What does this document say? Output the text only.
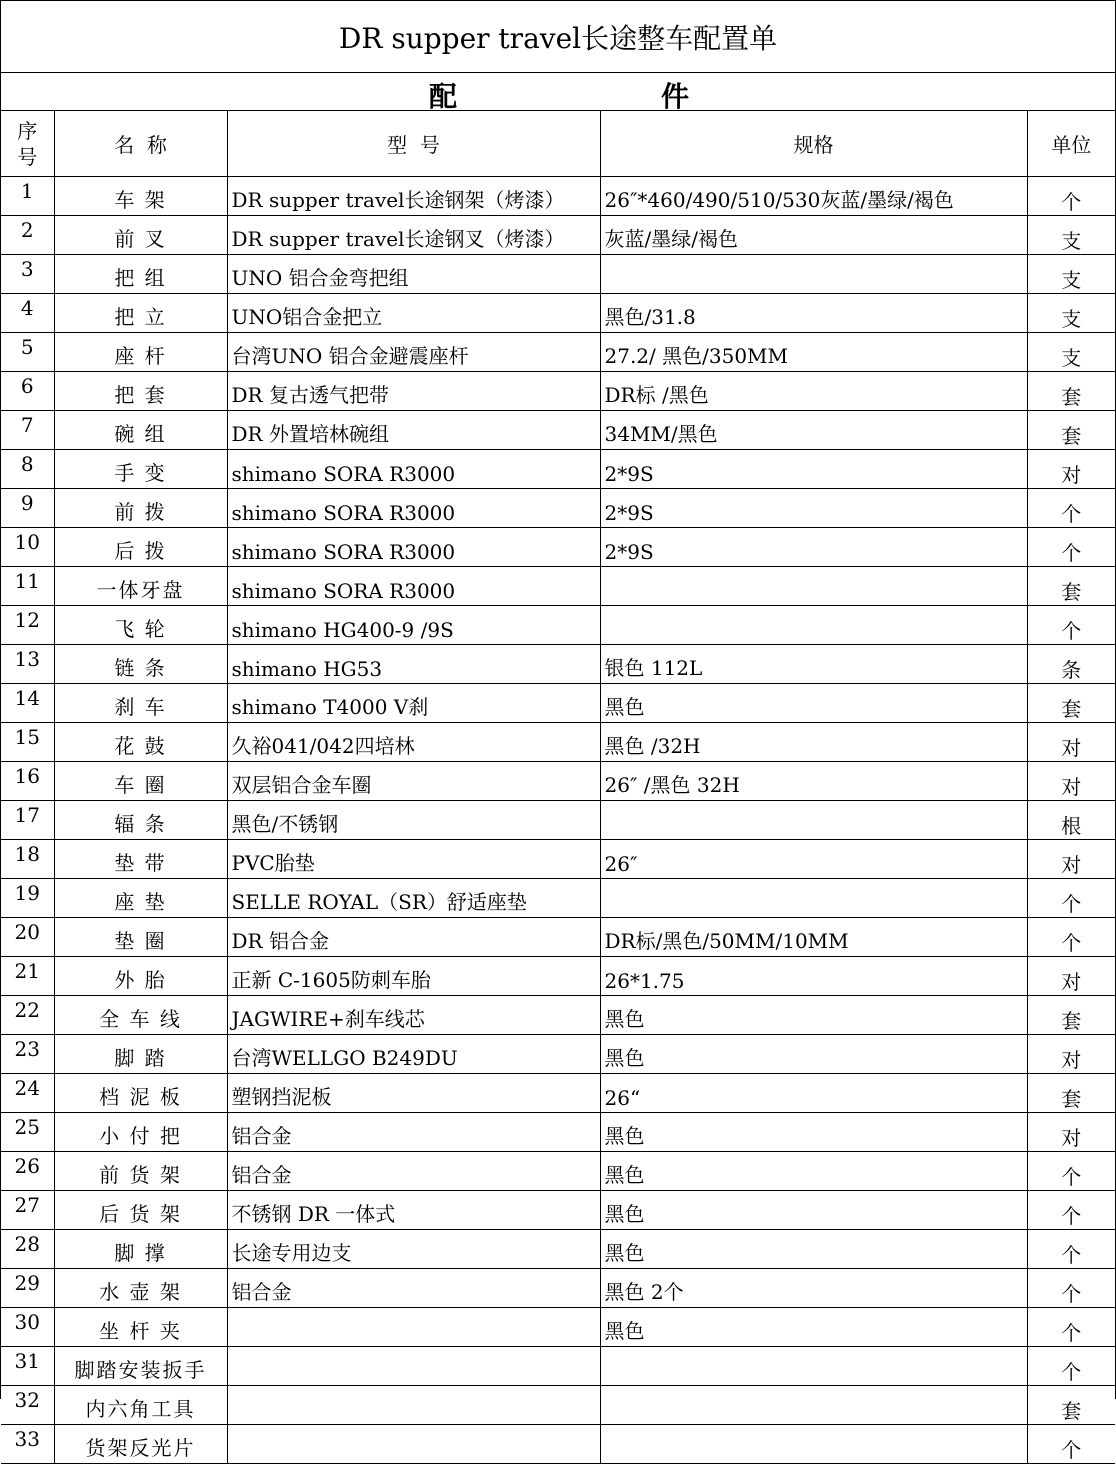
DR supper travel长途整车配置单
配	件
序
号	名  称	型  号	规格	单位
1	车 架	DR supper travel长途钢架（烤漆）	26″*460/490/510/530灰蓝/墨绿/褐色	个
2	前 叉	DR supper travel长途钢叉（烤漆）	灰蓝/墨绿/褐色	支
3	把 组	UNO 铝合金弯把组		支
4	把 立	UNO铝合金把立	黑色/31.8	支
5	座 杆	台湾UNO 铝合金避震座杆	27.2/ 黑色/350MM	支
6	把 套	DR 复古透气把带	DR标 /黑色	套
7	碗 组	DR 外置培林碗组	34MM/黑色	套
8	手 变	shimano SORA R3000	2*9S	对
9	前 拨	shimano SORA R3000	2*9S	个
10	后 拨	shimano SORA R3000	2*9S	个
11	一体牙盘	shimano SORA R3000		套
12	飞 轮	shimano HG400-9 /9S		个
13	链 条	shimano HG53	银色 112L	条
14	刹 车	shimano T4000 V刹	黑色	套
15	花 鼓	久裕041/042四培林	黑色 /32H	对
16	车 圈	双层铝合金车圈	26″ /黑色 32H	对
17	辐 条	黑色/不锈钢		根
18	垫 带	PVC胎垫	26″	对
19	座 垫	SELLE ROYAL（SR）舒适座垫		个
20	垫 圈	DR 铝合金	DR标/黑色/50MM/10MM	个
21	外 胎	正新 C-1605防刺车胎	26*1.75	对
22	全 车 线	JAGWIRE+刹车线芯	黑色	套
23	脚 踏	台湾WELLGO B249DU	黑色	对
24	档 泥 板	塑钢挡泥板	26“	套
25	小 付 把	铝合金	黑色	对
26	前 货 架	铝合金	黑色	个
27	后 货 架	不锈钢 DR 一体式	黑色	个
28	脚 撑	长途专用边支	黑色	个
29	水 壶 架	铝合金	黑色 2个	个
30	坐 杆 夹		黑色	个
31	脚踏安装扳手			个
32	内六角工具			套
33	货架反光片			个
